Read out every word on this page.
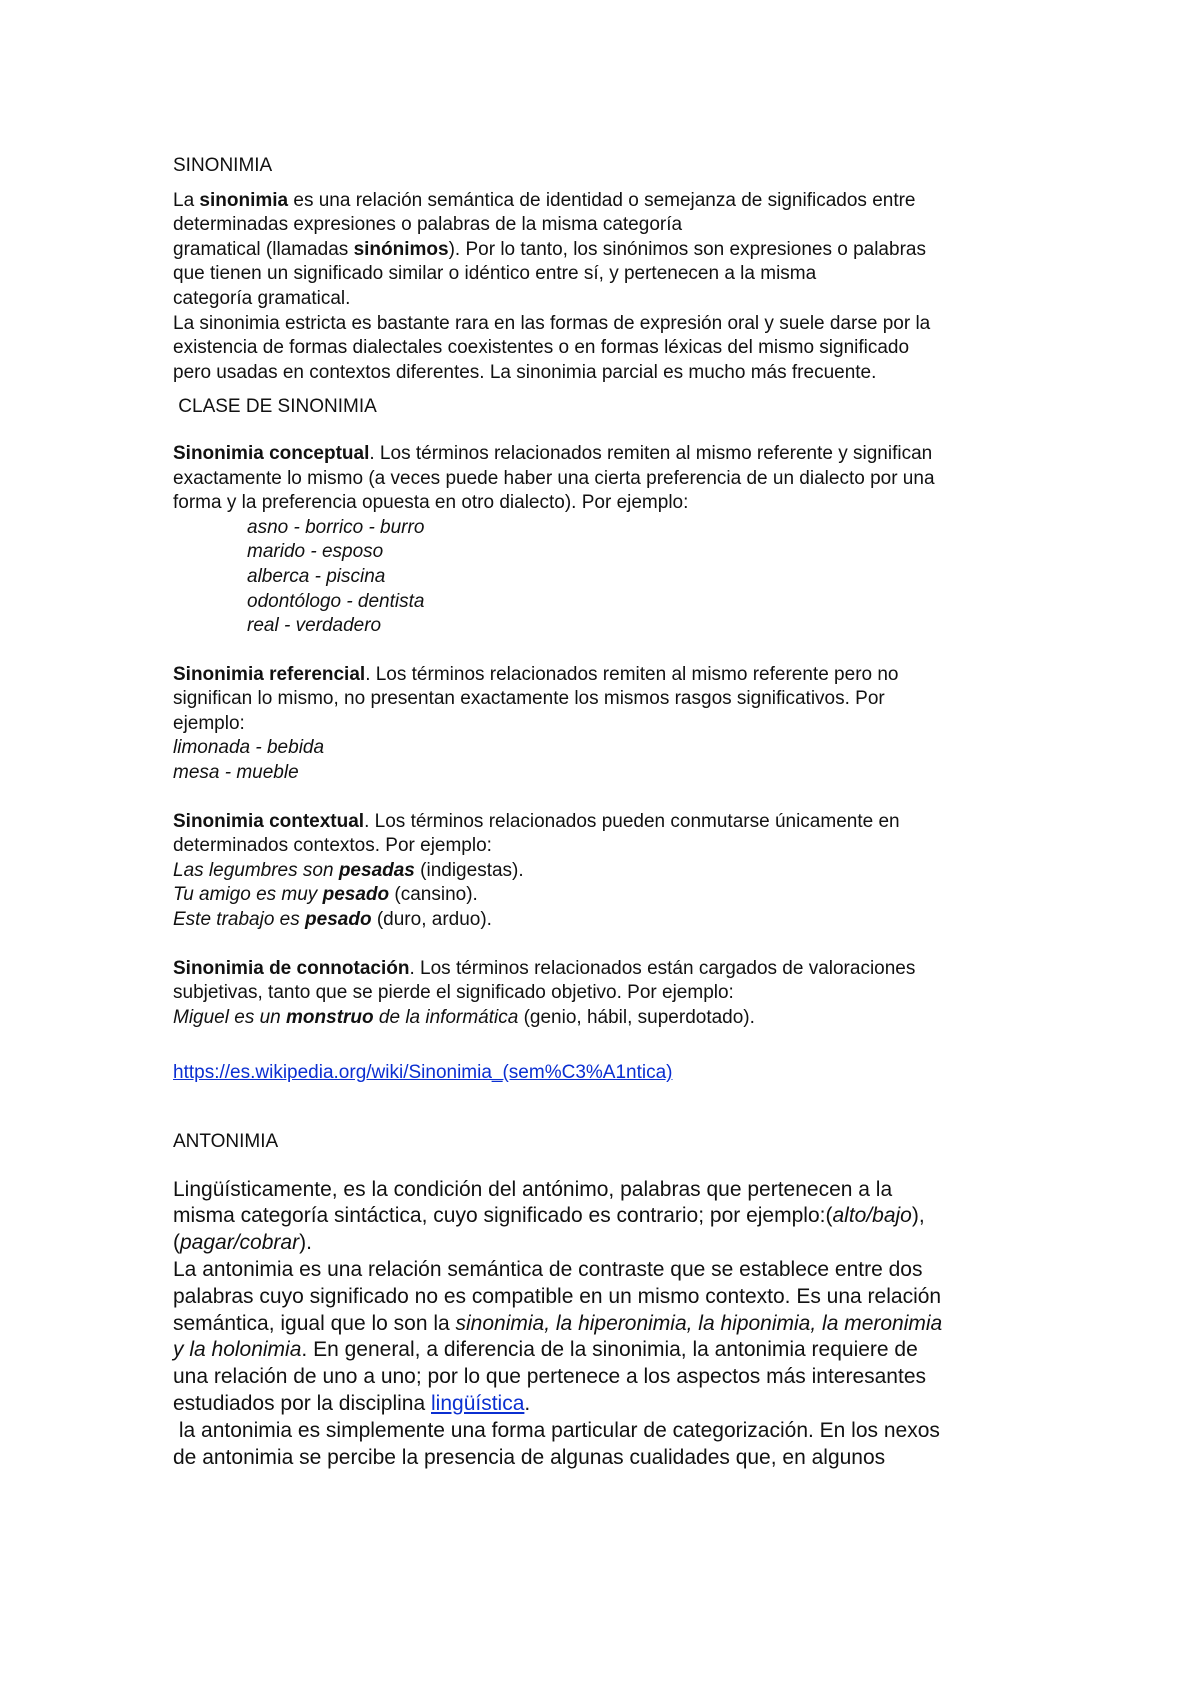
SINONIMIA

La sinonimia es una relación semántica de identidad o semejanza de significados entre

determinadas expresiones o palabras de la misma categoría

gramatical (llamadas sinónimos). Por lo tanto, los sinónimos son expresiones o palabras

que tienen un significado similar o idéntico entre sí, y pertenecen a la misma

categoría gramatical.

La sinonimia estricta es bastante rara en las formas de expresión oral y suele darse por la

existencia de formas dialectales coexistentes o en formas léxicas del mismo significado

pero usadas en contextos diferentes. La sinonimia parcial es mucho más frecuente.

CLASE DE SINONIMIA

Sinonimia conceptual. Los términos relacionados remiten al mismo referente y significan

exactamente lo mismo (a veces puede haber una cierta preferencia de un dialecto por una

forma y la preferencia opuesta en otro dialecto). Por ejemplo:

asno - borrico - burro

marido - esposo

alberca - piscina

odontólogo - dentista

real - verdadero

Sinonimia referencial. Los términos relacionados remiten al mismo referente pero no

significan lo mismo, no presentan exactamente los mismos rasgos significativos. Por

ejemplo:

limonada - bebida

mesa - mueble

Sinonimia contextual. Los términos relacionados pueden conmutarse únicamente en

determinados contextos. Por ejemplo:

Las legumbres son pesadas (indigestas).

Tu amigo es muy pesado (cansino).

Este trabajo es pesado (duro, arduo).

Sinonimia de connotación. Los términos relacionados están cargados de valoraciones

subjetivas, tanto que se pierde el significado objetivo. Por ejemplo:

Miguel es un monstruo de la informática (genio, hábil, superdotado).

https://es.wikipedia.org/wiki/Sinonimia_(sem%C3%A1ntica)

ANTONIMIA

Lingüísticamente, es la condición del antónimo, palabras que pertenecen a la

misma categoría sintáctica, cuyo significado es contrario; por ejemplo:(alto/bajo),

(pagar/cobrar).

La antonimia es una relación semántica de contraste que se establece entre dos

palabras cuyo significado no es compatible en un mismo contexto. Es una relación

semántica, igual que lo son la sinonimia, la hiperonimia, la hiponimia, la meronimia

y la holonimia. En general, a diferencia de la sinonimia, la antonimia requiere de

una relación de uno a uno; por lo que pertenece a los aspectos más interesantes

estudiados por la disciplina lingüística.

la antonimia es simplemente una forma particular de categorización. En los nexos

de antonimia se percibe la presencia de algunas cualidades que, en algunos
